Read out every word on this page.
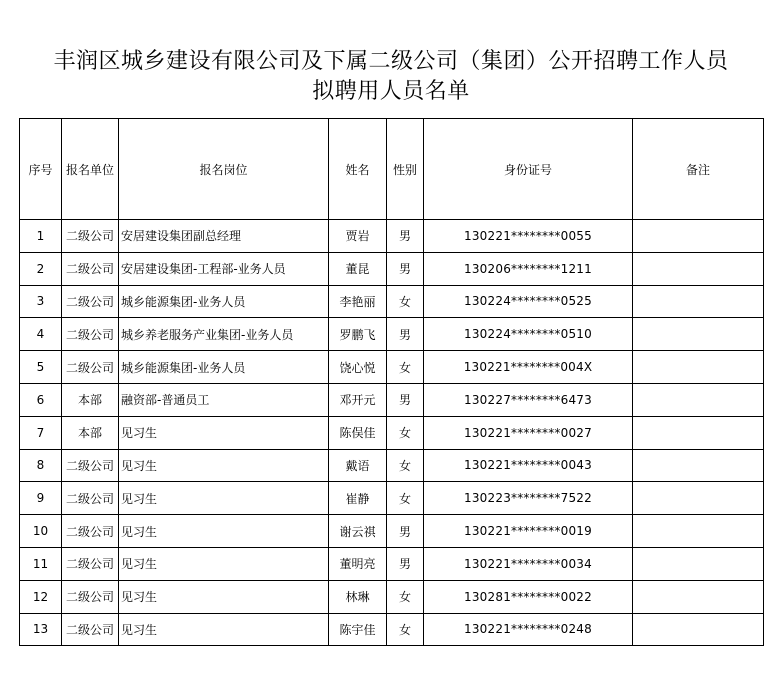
丰润区城乡建设有限公司及下属二级公司（集团）公开招聘工作人员
拟聘用人员名单
序号	报名单位	报名岗位	姓名	性别	身份证号	备注
1	二级公司	安居建设集团副总经理	贾岩	男	130221********0055	
2	二级公司	安居建设集团-工程部-业务人员	董昆	男	130206********1211	
3	二级公司	城乡能源集团-业务人员	李艳丽	女	130224********0525	
4	二级公司	城乡养老服务产业集团-业务人员	罗鹏飞	男	130224********0510	
5	二级公司	城乡能源集团-业务人员	饶心悦	女	130221********004X	
6	本部	融资部-普通员工	邓开元	男	130227********6473	
7	本部	见习生	陈俣佳	女	130221********0027	
8	二级公司	见习生	戴语	女	130221********0043	
9	二级公司	见习生	崔静	女	130223********7522	
10	二级公司	见习生	谢云祺	男	130221********0019	
11	二级公司	见习生	董明亮	男	130221********0034	
12	二级公司	见习生	林琳	女	130281********0022	
13	二级公司	见习生	陈宇佳	女	130221********0248	
